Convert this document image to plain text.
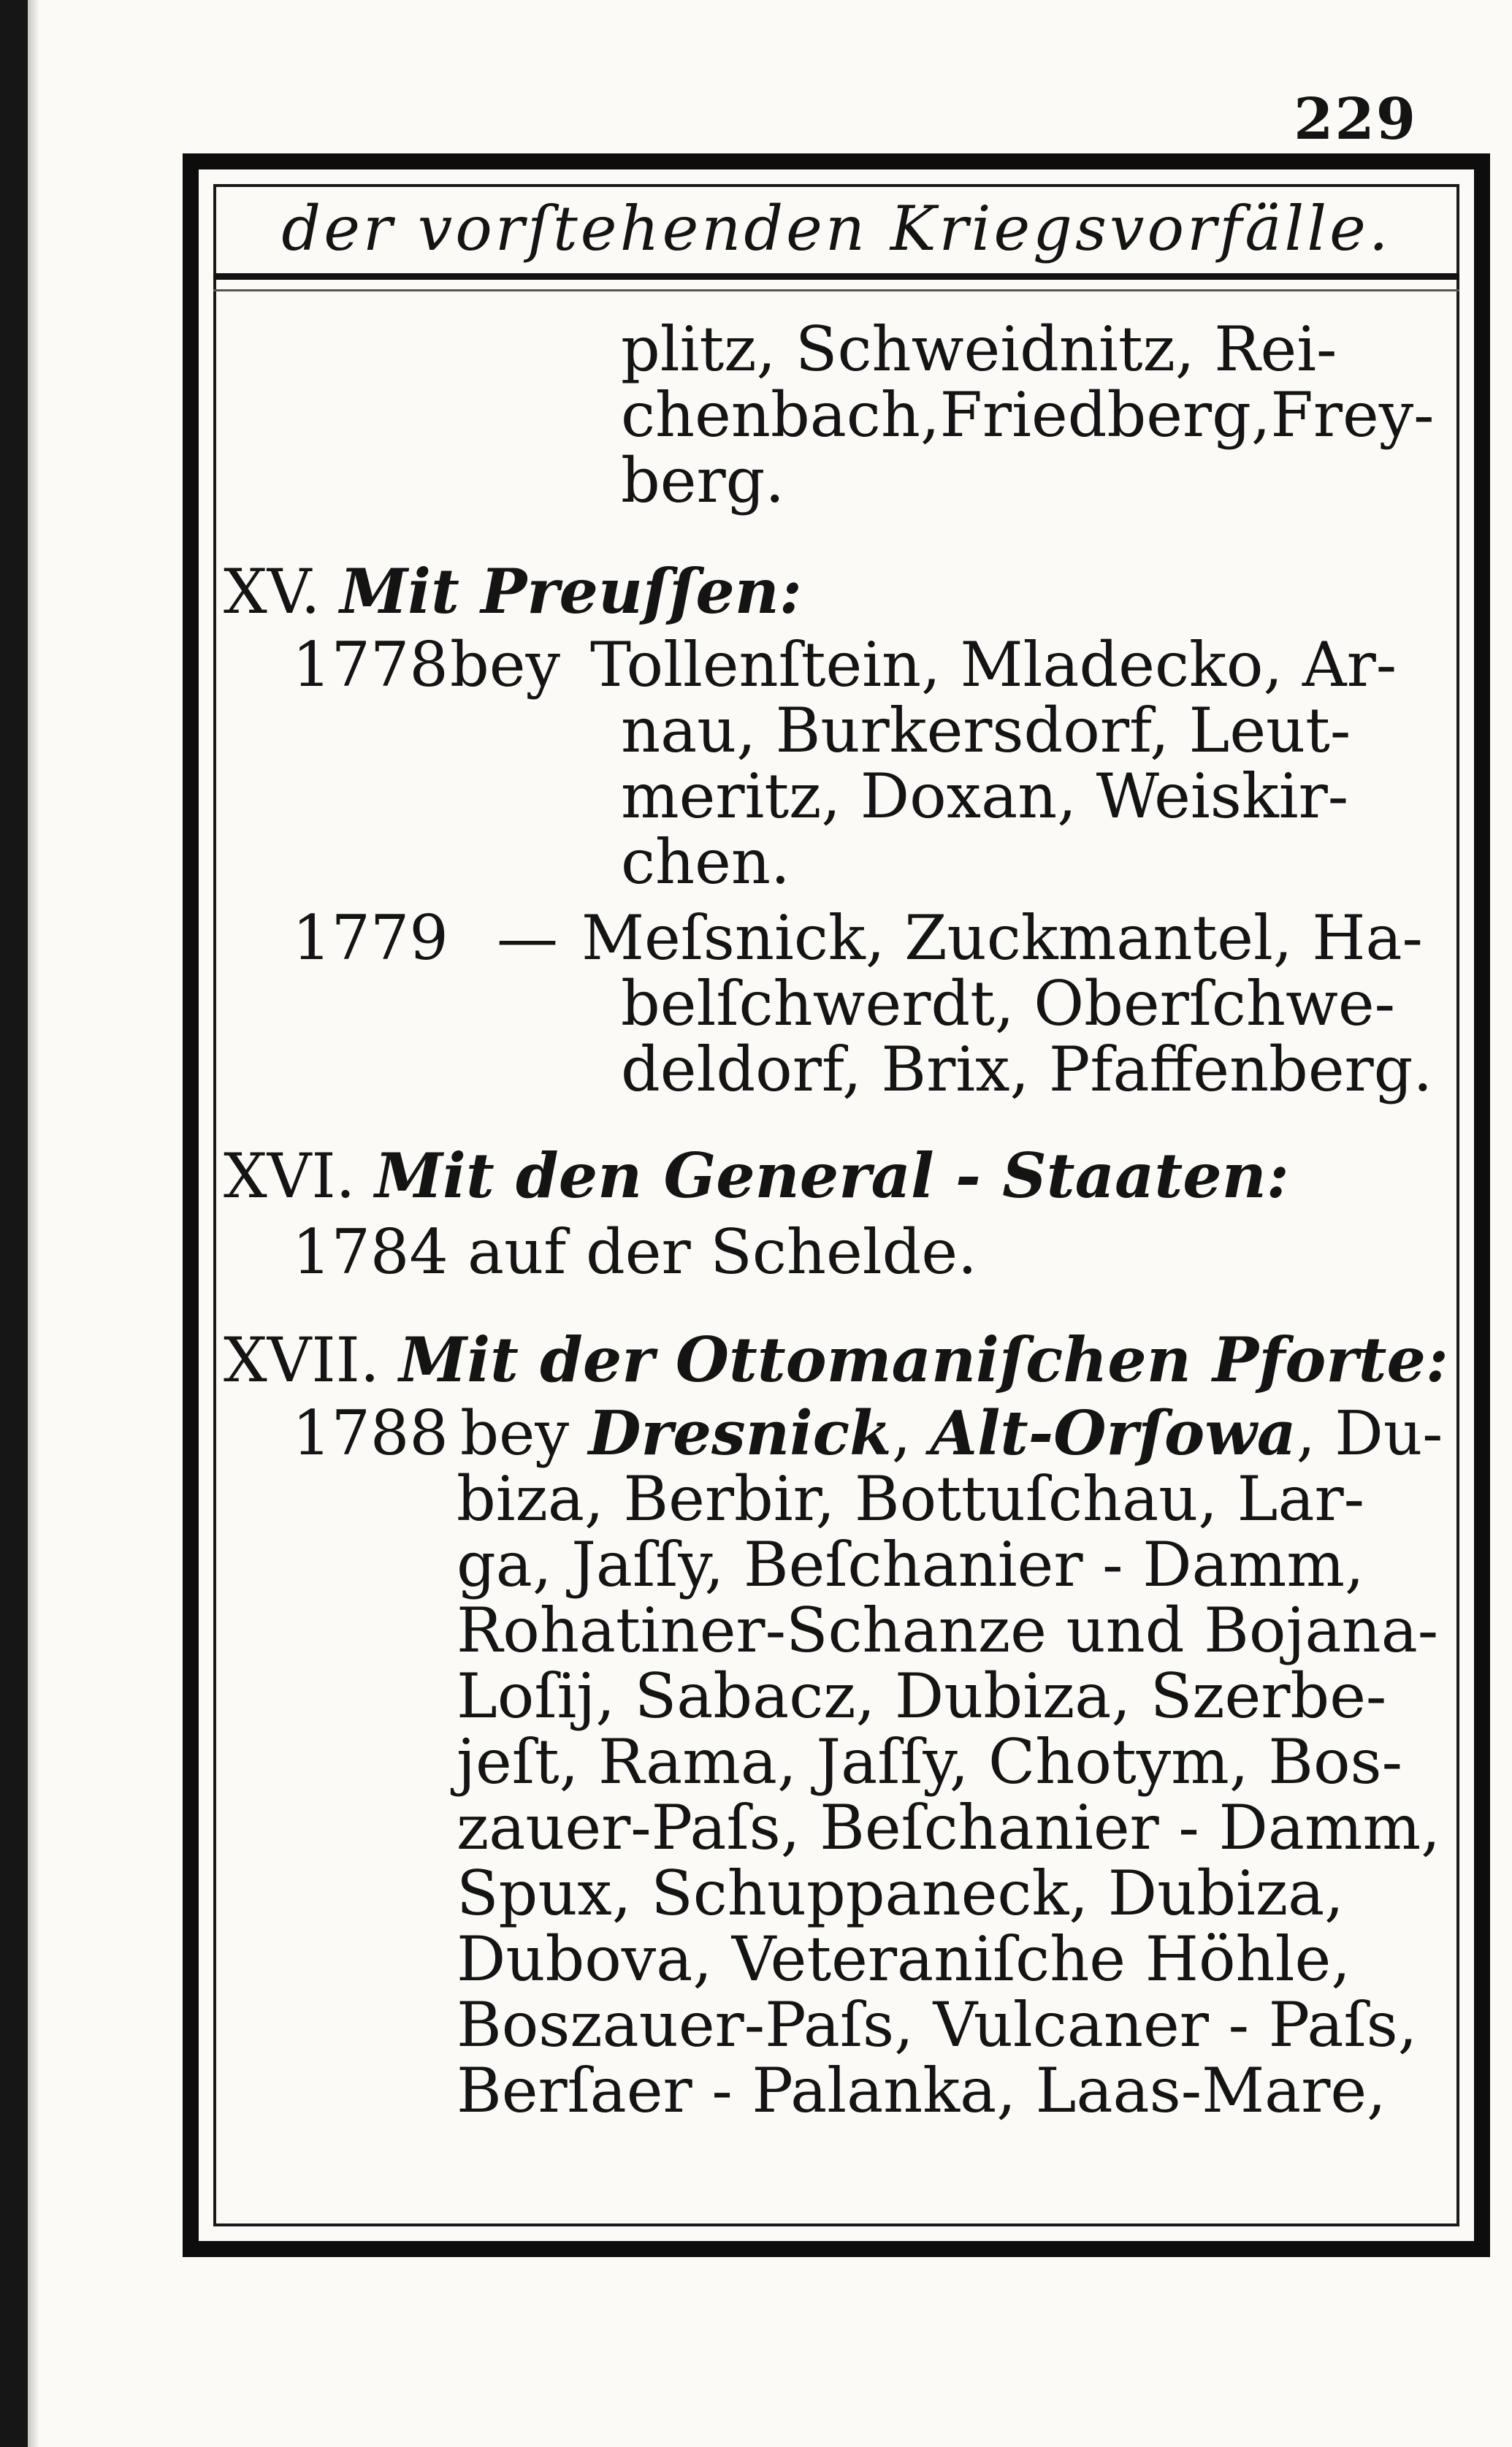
229
der vorſtehenden Kriegsvorfälle.
plitz, Schweidnitz, Rei-
chenbach,Friedberg,Frey-
berg.
XV. Mit Preuſſen:
1778 bey Tollenſtein, Mladecko, Ar-
nau, Burkersdorf, Leut-
meritz, Doxan, Weiskir-
chen.
1779 — Meſsnick, Zuckmantel, Ha-
belſchwerdt, Oberſchwe-
deldorf, Brix, Pfaffenberg.
XVI. Mit den General - Staaten:
1784 auf der Schelde.
XVII. Mit der Ottomaniſchen Pforte:
1788 bey Dresnick, Alt-Orſowa, Du-
biza, Berbir, Bottuſchau, Lar-
ga, Jaſſy, Beſchanier - Damm,
Rohatiner-Schanze und Bojana-
Loſij, Sabacz, Dubiza, Szerbe-
jeſt, Rama, Jaſſy, Chotym, Bos-
zauer-Paſs, Beſchanier - Damm,
Spux, Schuppaneck, Dubiza,
Dubova, Veteraniſche Höhle,
Boszauer-Paſs, Vulcaner - Paſs,
Berſaer - Palanka, Laas-Mare,
